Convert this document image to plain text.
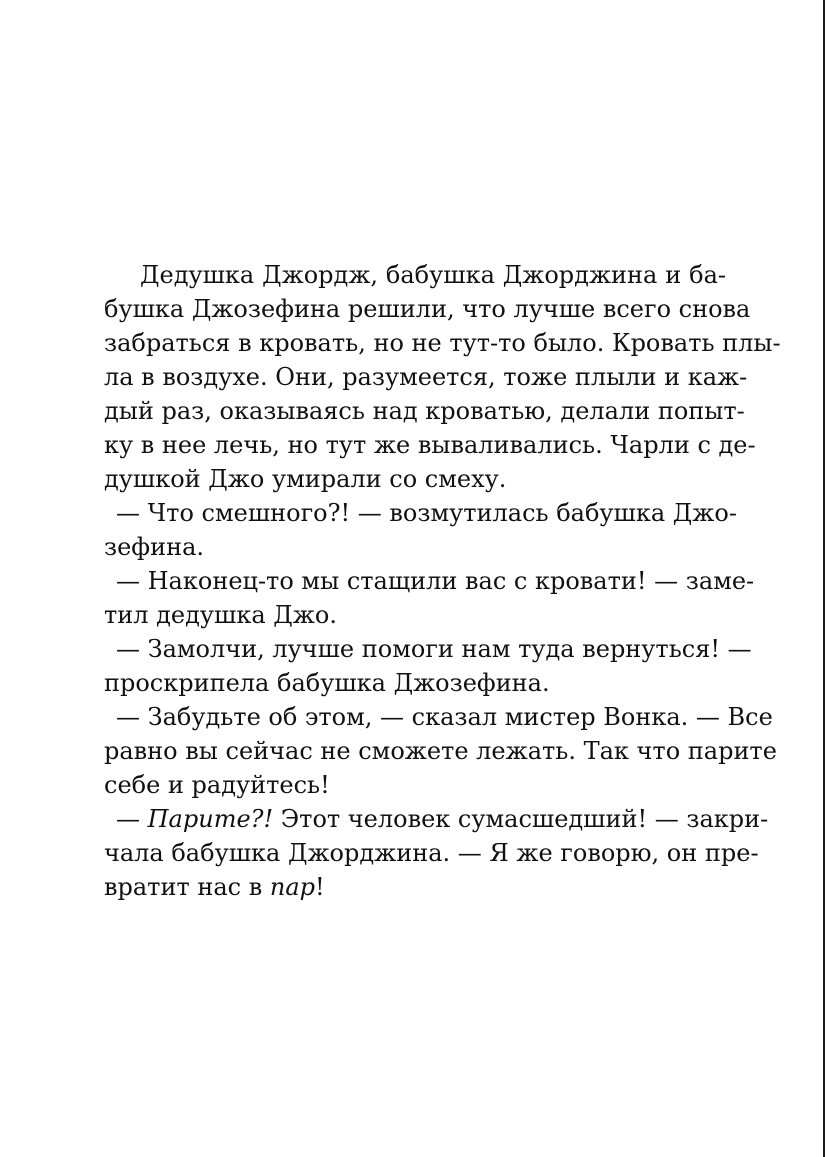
Дедушка Джордж, бабушка Джорджина и ба-
бушка Джозефина решили, что лучше всего снова
забраться в кровать, но не тут-то было. Кровать плы-
ла в воздухе. Они, разумеется, тоже плыли и каж-
дый раз, оказываясь над кроватью, делали попыт-
ку в нее лечь, но тут же вываливались. Чарли с де-
душкой Джо умирали со смеху.
— Что смешного?! — возмутилась бабушка Джо-
зефина.
— Наконец-то мы стащили вас с кровати! — заме-
тил дедушка Джо.
— Замолчи, лучше помоги нам туда вернуться! —
проскрипела бабушка Джозефина.
— Забудьте об этом, — сказал мистер Вонка. — Все
равно вы сейчас не сможете лежать. Так что парите
себе и радуйтесь!
— Парите?! Этот человек сумасшедший! — закри-
чала бабушка Джорджина. — Я же говорю, он пре-
вратит нас в пар!
